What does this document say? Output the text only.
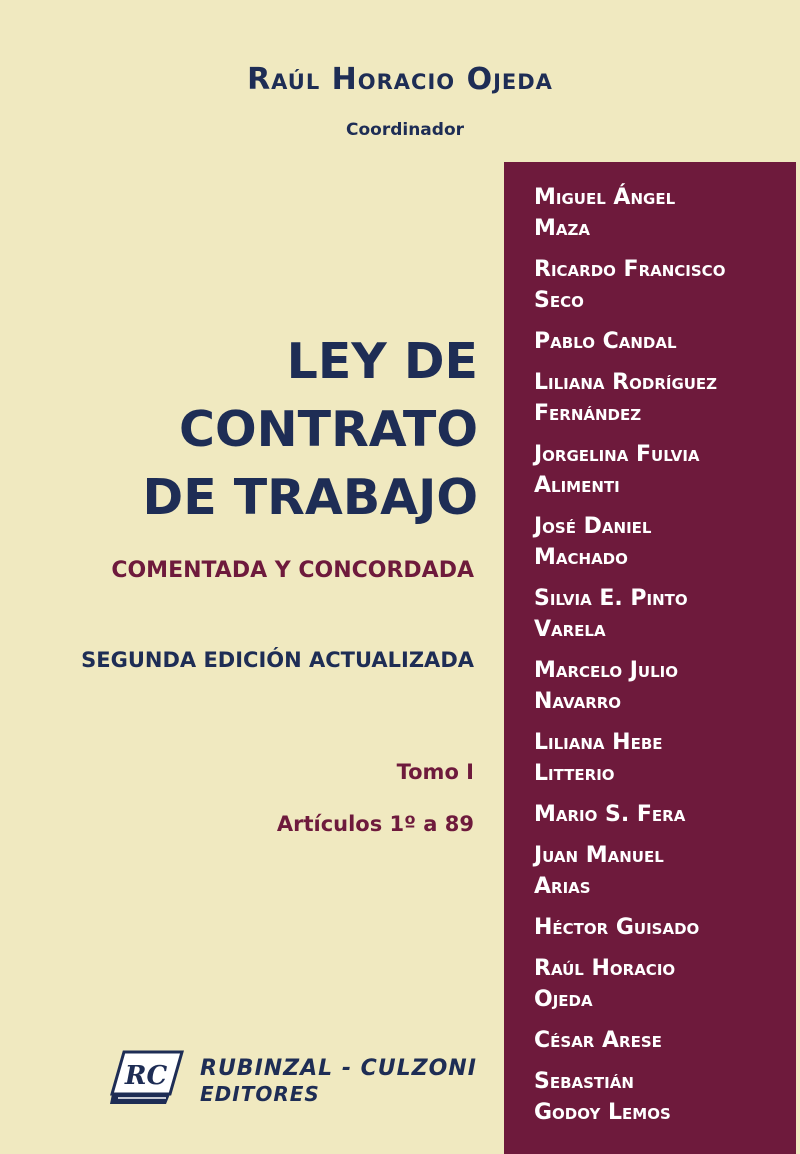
Raúl Horacio Ojeda
Coordinador
LEY DE
CONTRATO
DE TRABAJO
COMENTADA Y CONCORDADA
SEGUNDA EDICIÓN ACTUALIZADA
Tomo I
Artículos 1º a 89
Miguel Ángel
Maza
Ricardo Francisco
Seco
Pablo Candal
Liliana Rodríguez
Fernández
Jorgelina Fulvia
Alimenti
José Daniel
Machado
Silvia E. Pinto
Varela
Marcelo Julio
Navarro
Liliana Hebe
Litterio
Mario S. Fera
Juan Manuel
Arias
Héctor Guisado
Raúl Horacio
Ojeda
César Arese
Sebastián
Godoy Lemos
RC RUBINZAL - CULZONI
EDITORES
